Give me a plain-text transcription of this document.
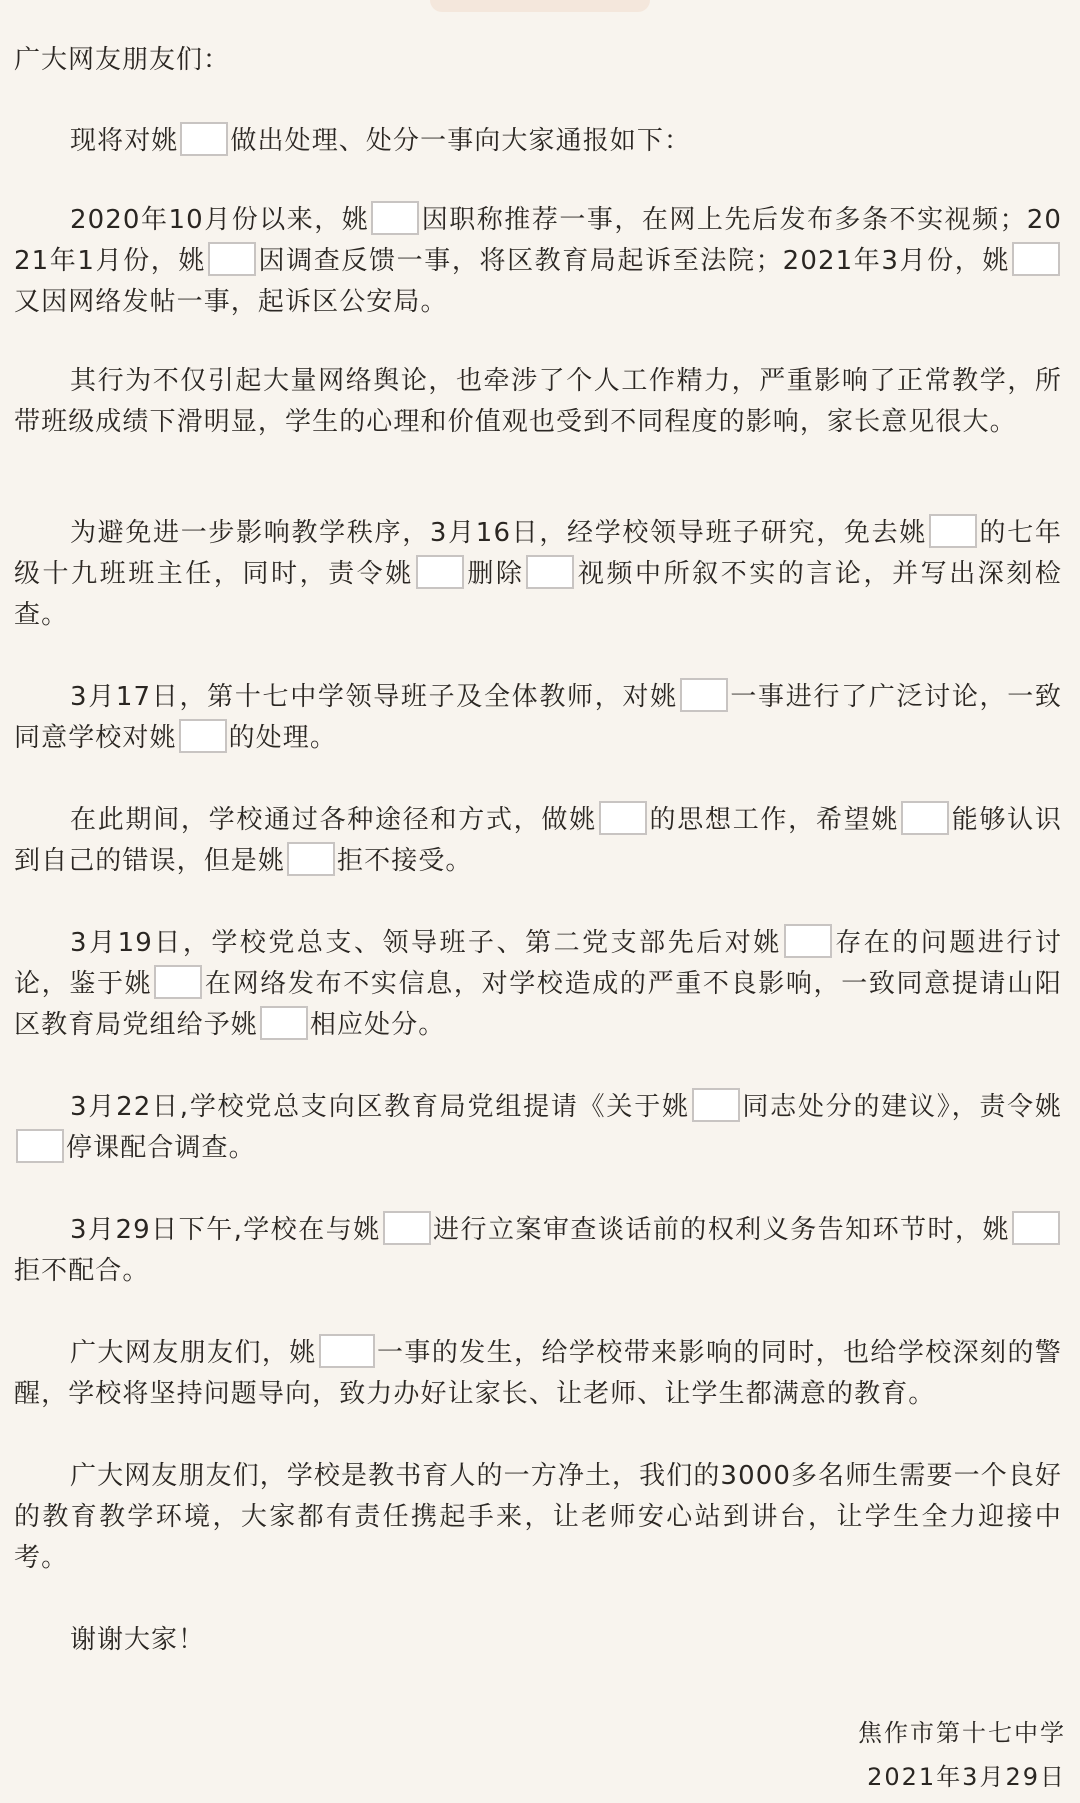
广大网友朋友们：
现将对姚 做出处理、处分一事向大家通报如下：
2020年10月份以来，姚 因职称推荐一事，在网上先后发布多条不实视频；2021年1月份，姚 因调查反馈一事，将区教育局起诉至法院；2021年3月份，姚又因网络发帖一事，起诉区公安局。
其行为不仅引起大量网络舆论，也牵涉了个人工作精力，严重影响了正常教学，所带班级成绩下滑明显，学生的心理和价值观也受到不同程度的影响，家长意见很大。
为避免进一步影响教学秩序，3月16日，经学校领导班子研究，免去姚 的七年级十九班班主任，同时，责令姚 删除 视频中所叙不实的言论，并写出深刻检查。
3月17日，第十七中学领导班子及全体教师，对姚 一事进行了广泛讨论，一致同意学校对姚 的处理。
在此期间，学校通过各种途径和方式，做姚 的思想工作，希望姚 能够认识到自己的错误，但是姚 拒不接受。
3月19日，学校党总支、领导班子、第二党支部先后对姚 存在的问题进行讨论，鉴于姚 在网络发布不实信息，对学校造成的严重不良影响，一致同意提请山阳区教育局党组给予姚 相应处分。
3月22日,学校党总支向区教育局党组提请《关于姚 同志处分的建议》，责令姚停课配合调查。
3月29日下午,学校在与姚 进行立案审查谈话前的权利义务告知环节时，姚拒不配合。
广大网友朋友们，姚 一事的发生，给学校带来影响的同时，也给学校深刻的警醒，学校将坚持问题导向，致力办好让家长、让老师、让学生都满意的教育。
广大网友朋友们，学校是教书育人的一方净土，我们的3000多名师生需要一个良好的教育教学环境，大家都有责任携起手来，让老师安心站到讲台，让学生全力迎接中考。
谢谢大家！
焦作市第十七中学
2021年3月29日
